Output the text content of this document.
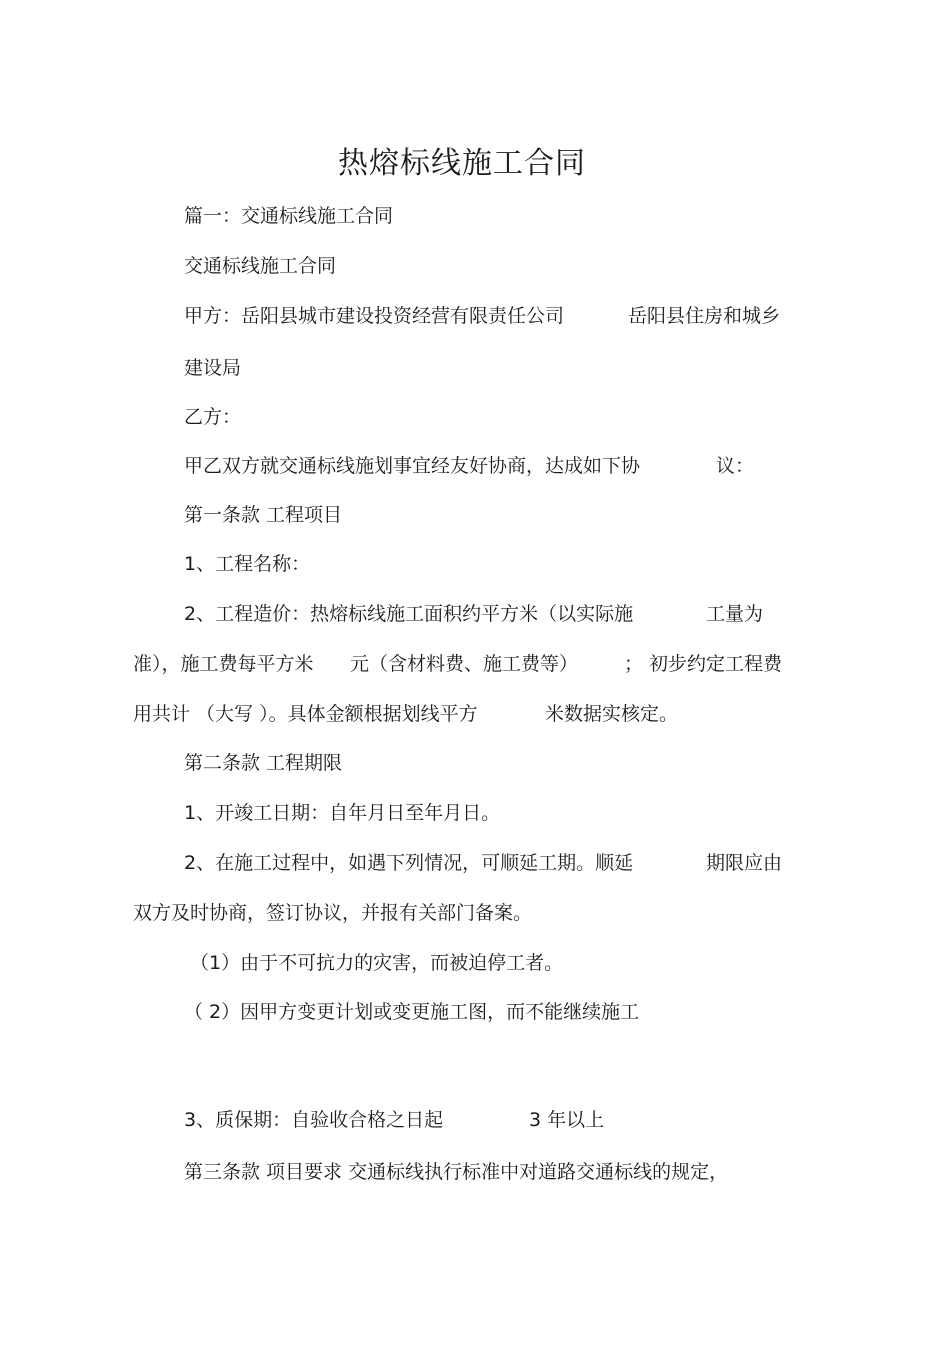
热熔标线施工合同
篇一：交通标线施工合同
交通标线施工合同
甲方：岳阳县城市建设投资经营有限责任公司	岳阳县住房和城乡
建设局
乙方：
甲乙双方就交通标线施划事宜经友好协商，达成如下协	议：
第一条款 工程项目
1、工程名称：
2、工程造价：热熔标线施工面积约平方米（以实际施	工量为
准），施工费每平方米 元（含材料费、施工费等） ； 初步约定工程费
用共计 （大写 ）。具体金额根据划线平方	米数据实核定。
第二条款 工程期限
1、开竣工日期：自年月日至年月日。
2、在施工过程中，如遇下列情况，可顺延工期。顺延	期限应由
双方及时协商，签订协议，并报有关部门备案。
（1）由于不可抗力的灾害，而被迫停工者。
（ 2）因甲方变更计划或变更施工图，而不能继续施工
3、质保期：自验收合格之日起	3 年以上
第三条款 项目要求 交通标线执行标准中对道路交通标线的规定，
